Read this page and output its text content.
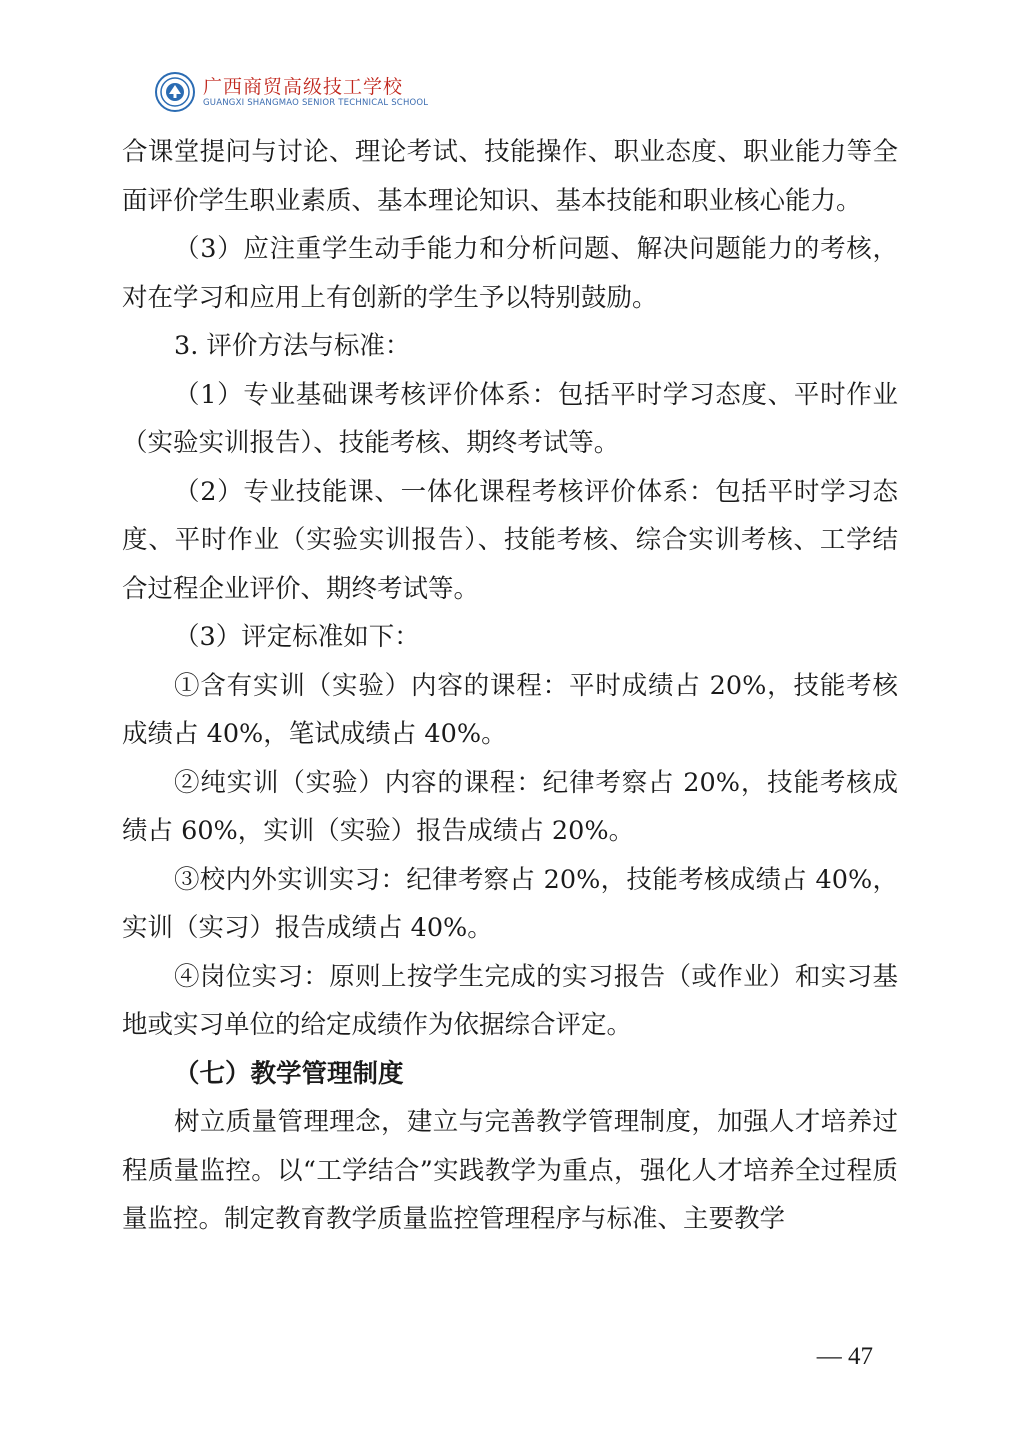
广西商贸高级技工学校
GUANGXI SHANGMAO SENIOR TECHNICAL SCHOOL

合课堂提问与讨论、理论考试、技能操作、职业态度、职业能力等全面评价学生职业素质、基本理论知识、基本技能和职业核心能力。

（3）应注重学生动手能力和分析问题、解决问题能力的考核，对在学习和应用上有创新的学生予以特别鼓励。

3. 评价方法与标准：

（1）专业基础课考核评价体系：包括平时学习态度、平时作业（实验实训报告）、技能考核、期终考试等。

（2）专业技能课、一体化课程考核评价体系：包括平时学习态度、平时作业（实验实训报告）、技能考核、综合实训考核、工学结合过程企业评价、期终考试等。

（3）评定标准如下：

①含有实训（实验）内容的课程：平时成绩占 20%，技能考核成绩占 40%，笔试成绩占 40%。

②纯实训（实验）内容的课程：纪律考察占 20%，技能考核成绩占 60%，实训（实验）报告成绩占 20%。

③校内外实训实习：纪律考察占 20%，技能考核成绩占 40%，实训（实习）报告成绩占 40%。

④岗位实习：原则上按学生完成的实习报告（或作业）和实习基地或实习单位的给定成绩作为依据综合评定。

（七）教学管理制度

树立质量管理理念，建立与完善教学管理制度，加强人才培养过程质量监控。以“工学结合”实践教学为重点，强化人才培养全过程质量监控。制定教育教学质量监控管理程序与标准、主要教学

— 47
